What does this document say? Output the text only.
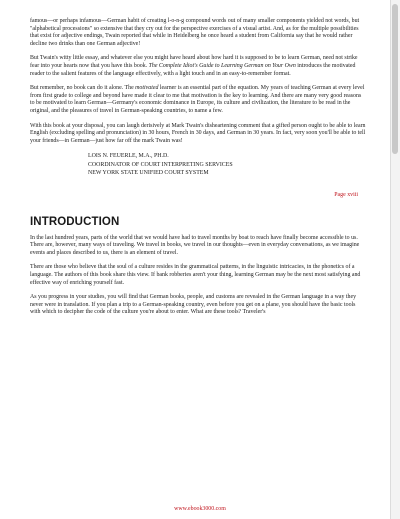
famous—or perhaps infamous—German habit of creating l-o-n-g compound words out of many smaller components yielded not words, but "alphabetical processions" so extensive that they cry out for the perspective exercises of a visual artist. And, as for the multiple possibilities that exist for adjective endings, Twain reported that while in Heidelberg he once heard a student from California say that he would rather decline two drinks than one German adjective!

But Twain's witty little essay, and whatever else you might have heard about how hard it is supposed to be to learn German, need not strike fear into your hearts now that you have this book. The Complete Idiot's Guide to Learning German on Your Own introduces the motivated reader to the salient features of the language effectively, with a light touch and in an easy-to-remember format.

But remember, no book can do it alone. The motivated learner is an essential part of the equation. My years of teaching German at every level from first grade to college and beyond have made it clear to me that motivation is the key to learning. And there are many very good reasons to be motivated to learn German—Germany's economic dominance in Europe, its culture and civilization, the literature to be read in the original, and the pleasures of travel in German-speaking countries, to name a few.

With this book at your disposal, you can laugh derisively at Mark Twain's disheartening comment that a gifted person ought to be able to learn English (excluding spelling and pronunciation) in 30 hours, French in 30 days, and German in 30 years. In fact, very soon you'll be able to tell your friends—in German—just how far off the mark Twain was!

LOIS N. FEUERLE, M.A., PH.D.
COORDINATOR OF COURT INTERPRETING SERVICES
NEW YORK STATE UNIFIED COURT SYSTEM
Page xviii
INTRODUCTION

In the last hundred years, parts of the world that we would have had to travel months by boat to reach have finally become accessible to us. There are, however, many ways of traveling. We travel in books, we travel in our thoughts—even in everyday conversations, as we imagine events and places described to us, there is an element of travel.

There are those who believe that the soul of a culture resides in the grammatical patterns, in the linguistic intricacies, in the phonetics of a language. The authors of this book share this view. If bank robberies aren't your thing, learning German may be the next most satisfying and effective way of enriching yourself fast.

As you progress in your studies, you will find that German books, people, and customs are revealed in the German language in a way they never were in translation. If you plan a trip to a German-speaking country, even before you get on a plane, you should have the basic tools with which to decipher the code of the culture you're about to enter. What are these tools? Traveler's

www.ebook3000.com
